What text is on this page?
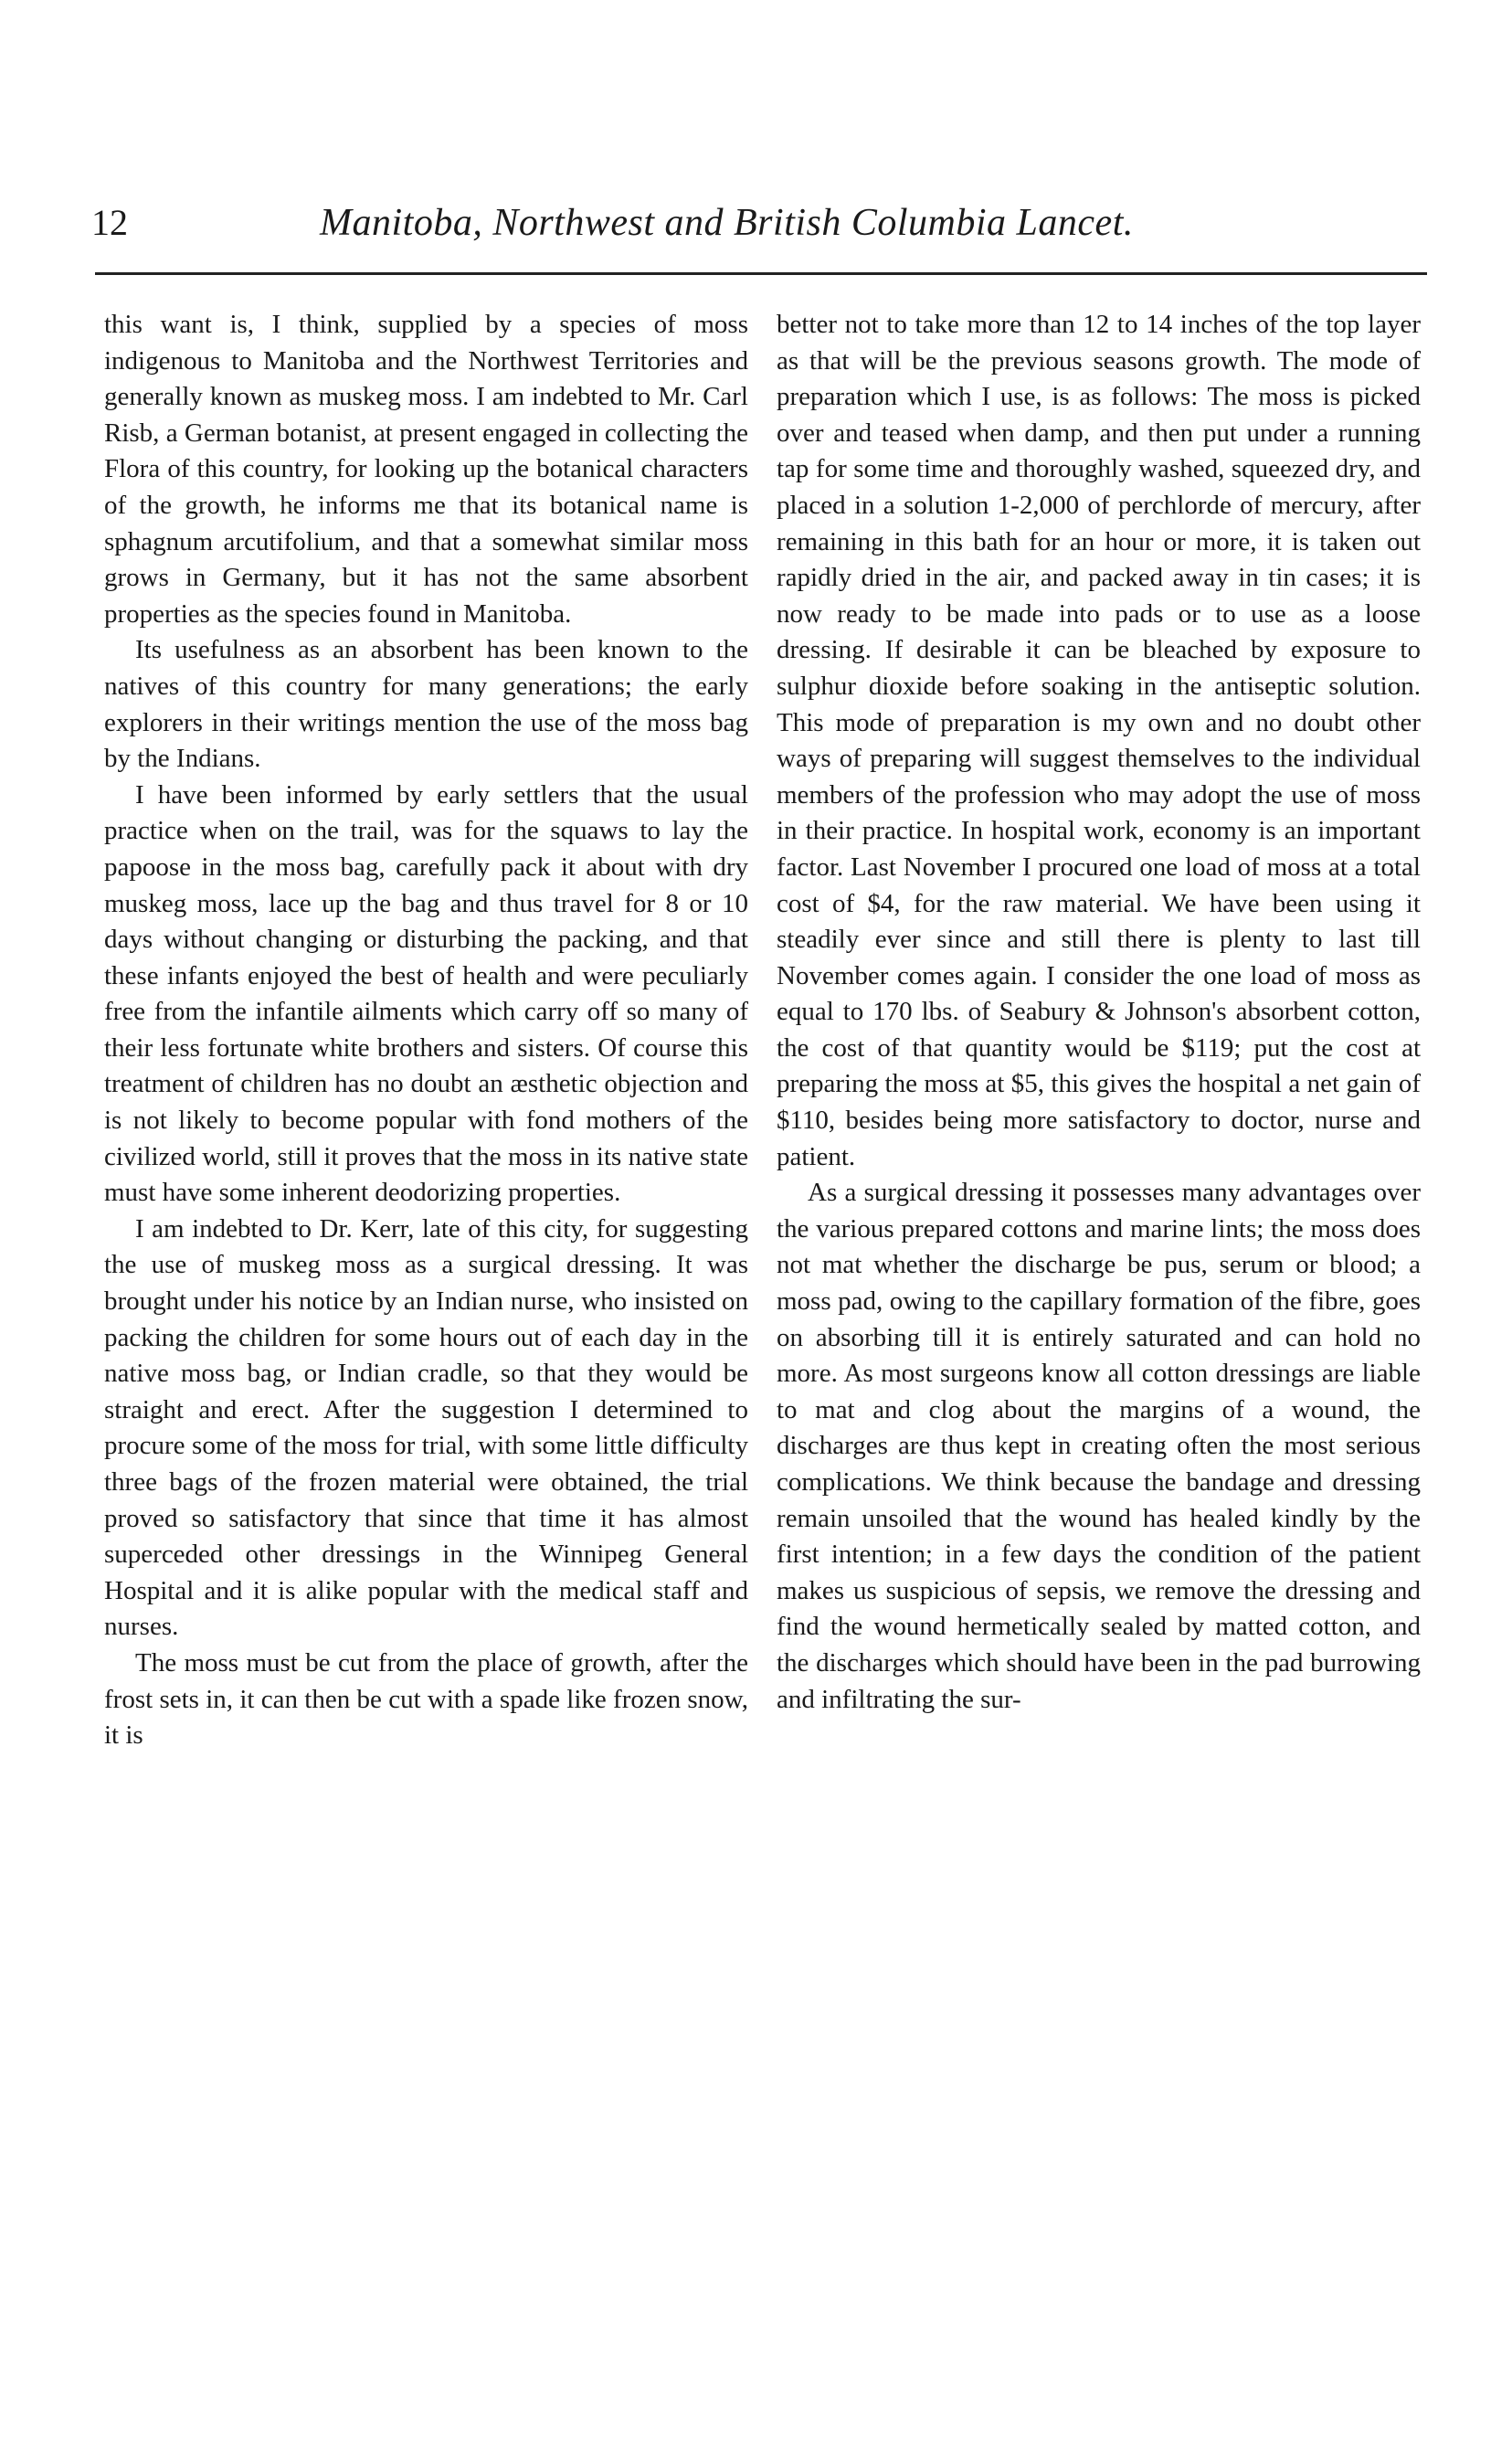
12	Manitoba, Northwest and British Columbia Lancet.

this want is, I think, supplied by a species of moss indigenous to Manitoba and the Northwest Territories and generally known as muskeg moss. I am indebted to Mr. Carl Risb, a German botanist, at present engaged in collecting the Flora of this country, for looking up the botanical characters of the growth, he informs me that its botanical name is sphagnum arcutifolium, and that a somewhat similar moss grows in Germany, but it has not the same absorbent properties as the species found in Manitoba.

Its usefulness as an absorbent has been known to the natives of this country for many generations; the early explorers in their writings mention the use of the moss bag by the Indians.

I have been informed by early settlers that the usual practice when on the trail, was for the squaws to lay the papoose in the moss bag, carefully pack it about with dry muskeg moss, lace up the bag and thus travel for 8 or 10 days without changing or disturbing the packing, and that these infants enjoyed the best of health and were peculiarly free from the infantile ailments which carry off so many of their less fortunate white brothers and sisters. Of course this treatment of children has no doubt an æsthetic objection and is not likely to become popular with fond mothers of the civilized world, still it proves that the moss in its native state must have some inherent deodorizing properties.

I am indebted to Dr. Kerr, late of this city, for suggesting the use of muskeg moss as a surgical dressing. It was brought under his notice by an Indian nurse, who insisted on packing the children for some hours out of each day in the native moss bag, or Indian cradle, so that they would be straight and erect. After the suggestion I determined to procure some of the moss for trial, with some little difficulty three bags of the frozen material were obtained, the trial proved so satisfactory that since that time it has almost superceded other dressings in the Winnipeg General Hospital and it is alike popular with the medical staff and nurses.

The moss must be cut from the place of growth, after the frost sets in, it can then be cut with a spade like frozen snow, it is

better not to take more than 12 to 14 inches of the top layer as that will be the previous seasons growth. The mode of preparation which I use, is as follows: The moss is picked over and teased when damp, and then put under a running tap for some time and thoroughly washed, squeezed dry, and placed in a solution 1-2,000 of perchlorde of mercury, after remaining in this bath for an hour or more, it is taken out rapidly dried in the air, and packed away in tin cases; it is now ready to be made into pads or to use as a loose dressing. If desirable it can be bleached by exposure to sulphur dioxide before soaking in the antiseptic solution. This mode of preparation is my own and no doubt other ways of preparing will suggest themselves to the individual members of the profession who may adopt the use of moss in their practice. In hospital work, economy is an important factor. Last November I procured one load of moss at a total cost of $4, for the raw material. We have been using it steadily ever since and still there is plenty to last till November comes again. I consider the one load of moss as equal to 170 lbs. of Seabury & Johnson's absorbent cotton, the cost of that quantity would be $119; put the cost at preparing the moss at $5, this gives the hospital a net gain of $110, besides being more satisfactory to doctor, nurse and patient.

As a surgical dressing it possesses many advantages over the various prepared cottons and marine lints; the moss does not mat whether the discharge be pus, serum or blood; a moss pad, owing to the capillary formation of the fibre, goes on absorbing till it is entirely saturated and can hold no more. As most surgeons know all cotton dressings are liable to mat and clog about the margins of a wound, the discharges are thus kept in creating often the most serious complications. We think because the bandage and dressing remain unsoiled that the wound has healed kindly by the first intention; in a few days the condition of the patient makes us suspicious of sepsis, we remove the dressing and find the wound hermetically sealed by matted cotton, and the discharges which should have been in the pad burrowing and infiltrating the sur-
